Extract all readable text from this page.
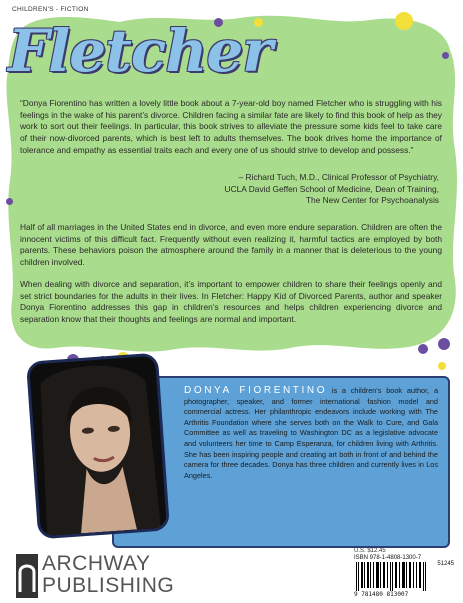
CHILDREN'S - FICTION
Fletcher
“Donya Fiorentino has written a lovely little book about a 7-year-old boy named Fletcher who is struggling with his feelings in the wake of his parent’s divorce. Children facing a similar fate are likely to find this book of help as they work to sort out their feelings. In particular, this book strives to alleviate the pressure some kids feel to take care of their now-divorced parents, which is best left to adults themselves. The book drives home the importance of tolerance and empathy as essential traits each and every one of us should strive to develop and possess.”
– Richard Tuch, M.D., Clinical Professor of Psychiatry,
UCLA David Geffen School of Medicine, Dean of Training,
The New Center for Psychoanalysis
Half of all marriages in the United States end in divorce, and even more endure separation. Children are often the innocent victims of this difficult fact. Frequently without even realizing it, harmful tactics are employed by both parents. These behaviors poison the atmosphere around the family in a manner that is deleterious to the young children involved.
When dealing with divorce and separation, it’s important to empower children to share their feelings openly and set strict boundaries for the adults in their lives. In Fletcher: Happy Kid of Divorced Parents, author and speaker Donya Fiorentino addresses this gap in children’s resources and helps children experiencing divorce and separation know that their thoughts and feelings are normal and important.
DONYA FIORENTINO is a children’s book author, a photographer, speaker, and former international fashion model and commercial actress. Her philanthropic endeavors include working with The Arthritis Foundation where she serves both on the Walk to Cure, and Gala Committee as well as traveling to Washington DC as a legislative advocate and volunteers her time to Camp Esperanza, for children living with Arthritis. She has been inspiring people and creating art both in front of and behind the camera for three decades. Donya has three children and currently lives in Los Angeles.
ARCHWAY
PUBLISHING
U.S. $12.45
ISBN 978-1-4808-1300-7
51245
9 781480 813007
